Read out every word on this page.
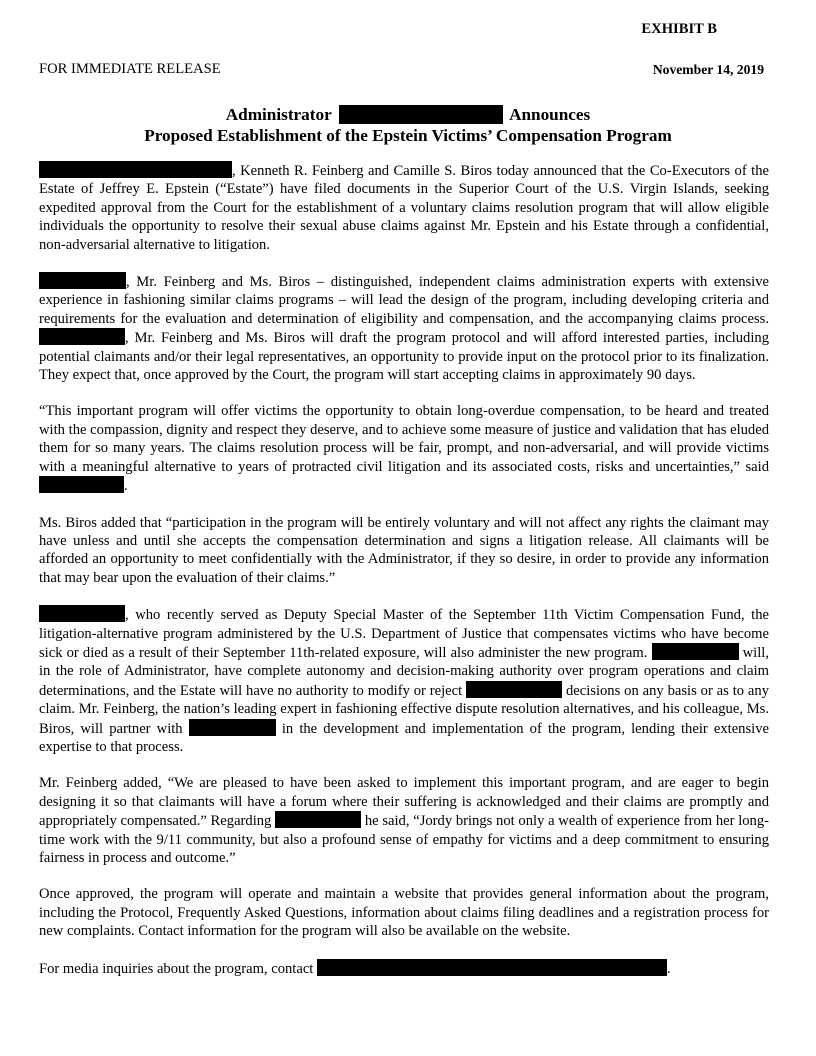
EXHIBIT B
FOR IMMEDIATE RELEASE	November 14, 2019
Administrator	Announces
Proposed Establishment of the Epstein Victims’ Compensation Program

, Kenneth R. Feinberg and Camille S. Biros today announced that the Co-Executors of the Estate of Jeffrey E. Epstein (“Estate”) have filed documents in the Superior Court of the U.S. Virgin Islands, seeking expedited approval from the Court for the establishment of a voluntary claims resolution program that will allow eligible individuals the opportunity to resolve their sexual abuse claims against Mr. Epstein and his Estate through a confidential, non-adversarial alternative to litigation.

, Mr. Feinberg and Ms. Biros – distinguished, independent claims administration experts with extensive experience in fashioning similar claims programs – will lead the design of the program, including developing criteria and requirements for the evaluation and determination of eligibility and compensation, and the accompanying claims process. , Mr. Feinberg and Ms. Biros will draft the program protocol and will afford interested parties, including potential claimants and/or their legal representatives, an opportunity to provide input on the protocol prior to its finalization. They expect that, once approved by the Court, the program will start accepting claims in approximately 90 days.

“This important program will offer victims the opportunity to obtain long-overdue compensation, to be heard and treated with the compassion, dignity and respect they deserve, and to achieve some measure of justice and validation that has eluded them for so many years. The claims resolution process will be fair, prompt, and non-adversarial, and will provide victims with a meaningful alternative to years of protracted civil litigation and its associated costs, risks and uncertainties,” said .

Ms. Biros added that “participation in the program will be entirely voluntary and will not affect any rights the claimant may have unless and until she accepts the compensation determination and signs a litigation release. All claimants will be afforded an opportunity to meet confidentially with the Administrator, if they so desire, in order to provide any information that may bear upon the evaluation of their claims.”

, who recently served as Deputy Special Master of the September 11th Victim Compensation Fund, the litigation-alternative program administered by the U.S. Department of Justice that compensates victims who have become sick or died as a result of their September 11th-related exposure, will also administer the new program.	will, in the role of Administrator, have complete autonomy and decision-making authority over program operations and claim determinations, and the Estate will have no authority to modify or reject	decisions on any basis or as to any claim. Mr. Feinberg, the nation’s leading expert in fashioning effective dispute resolution alternatives, and his colleague, Ms. Biros, will partner with	in the development and implementation of the program, lending their extensive expertise to that process.

Mr. Feinberg added, “We are pleased to have been asked to implement this important program, and are eager to begin designing it so that claimants will have a forum where their suffering is acknowledged and their claims are promptly and appropriately compensated.” Regarding	he said, “Jordy brings not only a wealth of experience from her long-time work with the 9/11 community, but also a profound sense of empathy for victims and a deep commitment to ensuring fairness in process and outcome.”

Once approved, the program will operate and maintain a website that provides general information about the program, including the Protocol, Frequently Asked Questions, information about claims filing deadlines and a registration process for new complaints. Contact information for the program will also be available on the website.

For media inquiries about the program, contact	.
